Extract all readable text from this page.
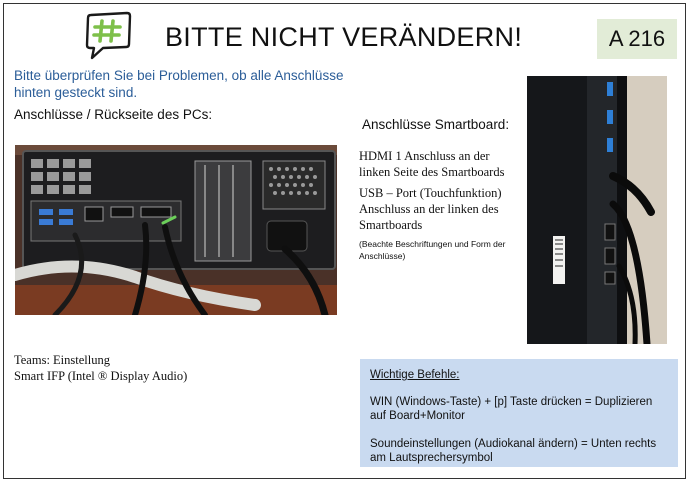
BITTE NICHT VERÄNDERN!	A 216
Bitte überprüfen Sie bei Problemen, ob alle Anschlüsse hinten gesteckt sind.
Anschlüsse / Rückseite des PCs:
Anschlüsse Smartboard:

HDMI 1 Anschluss an der linken Seite des Smartboards

USB – Port (Touchfunktion) Anschluss an der linken des Smartboards

(Beachte Beschriftungen und Form der Anschlüsse)

Teams: Einstellung
Smart IFP (Intel ® Display Audio)	Wichtige Befehle:
WIN (Windows-Taste) + [p] Taste drücken = Duplizieren auf Board+Monitor
Soundeinstellungen (Audiokanal ändern) = Unten rechts am Lautsprechersymbol
